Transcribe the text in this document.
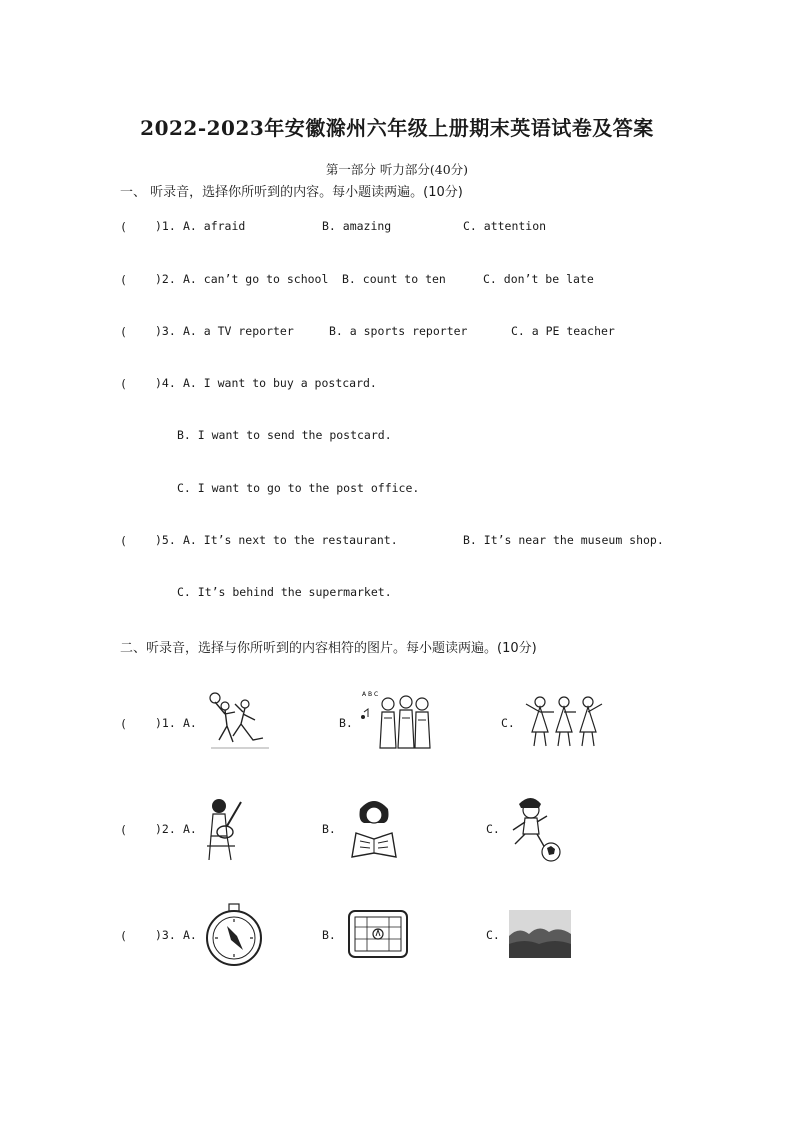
2022-2023年安徽滁州六年级上册期末英语试卷及答案
第一部分 听力部分(40分)
一、 听录音，选择你所听到的内容。每小题读两遍。(10分)
( )1. A. afraid	B. amazing	C. attention
( )2. A. can’t go to school B. count to ten	C. don’t be late
( )3. A. a TV reporter	B. a sports reporter	C. a PE teacher
( )4. A. I want to buy a postcard.
B. I want to send the postcard.
C. I want to go to the post office.
( )5. A. It’s next to the restaurant.	B. It’s near the museum shop.
C. It’s behind the supermarket.
二、听录音，选择与你所听到的内容相符的图片。每小题读两遍。(10分)
( )1. A.	B.	C.
A B C
( )2. A.	B.	C.
( )3. A.	B.	C.
